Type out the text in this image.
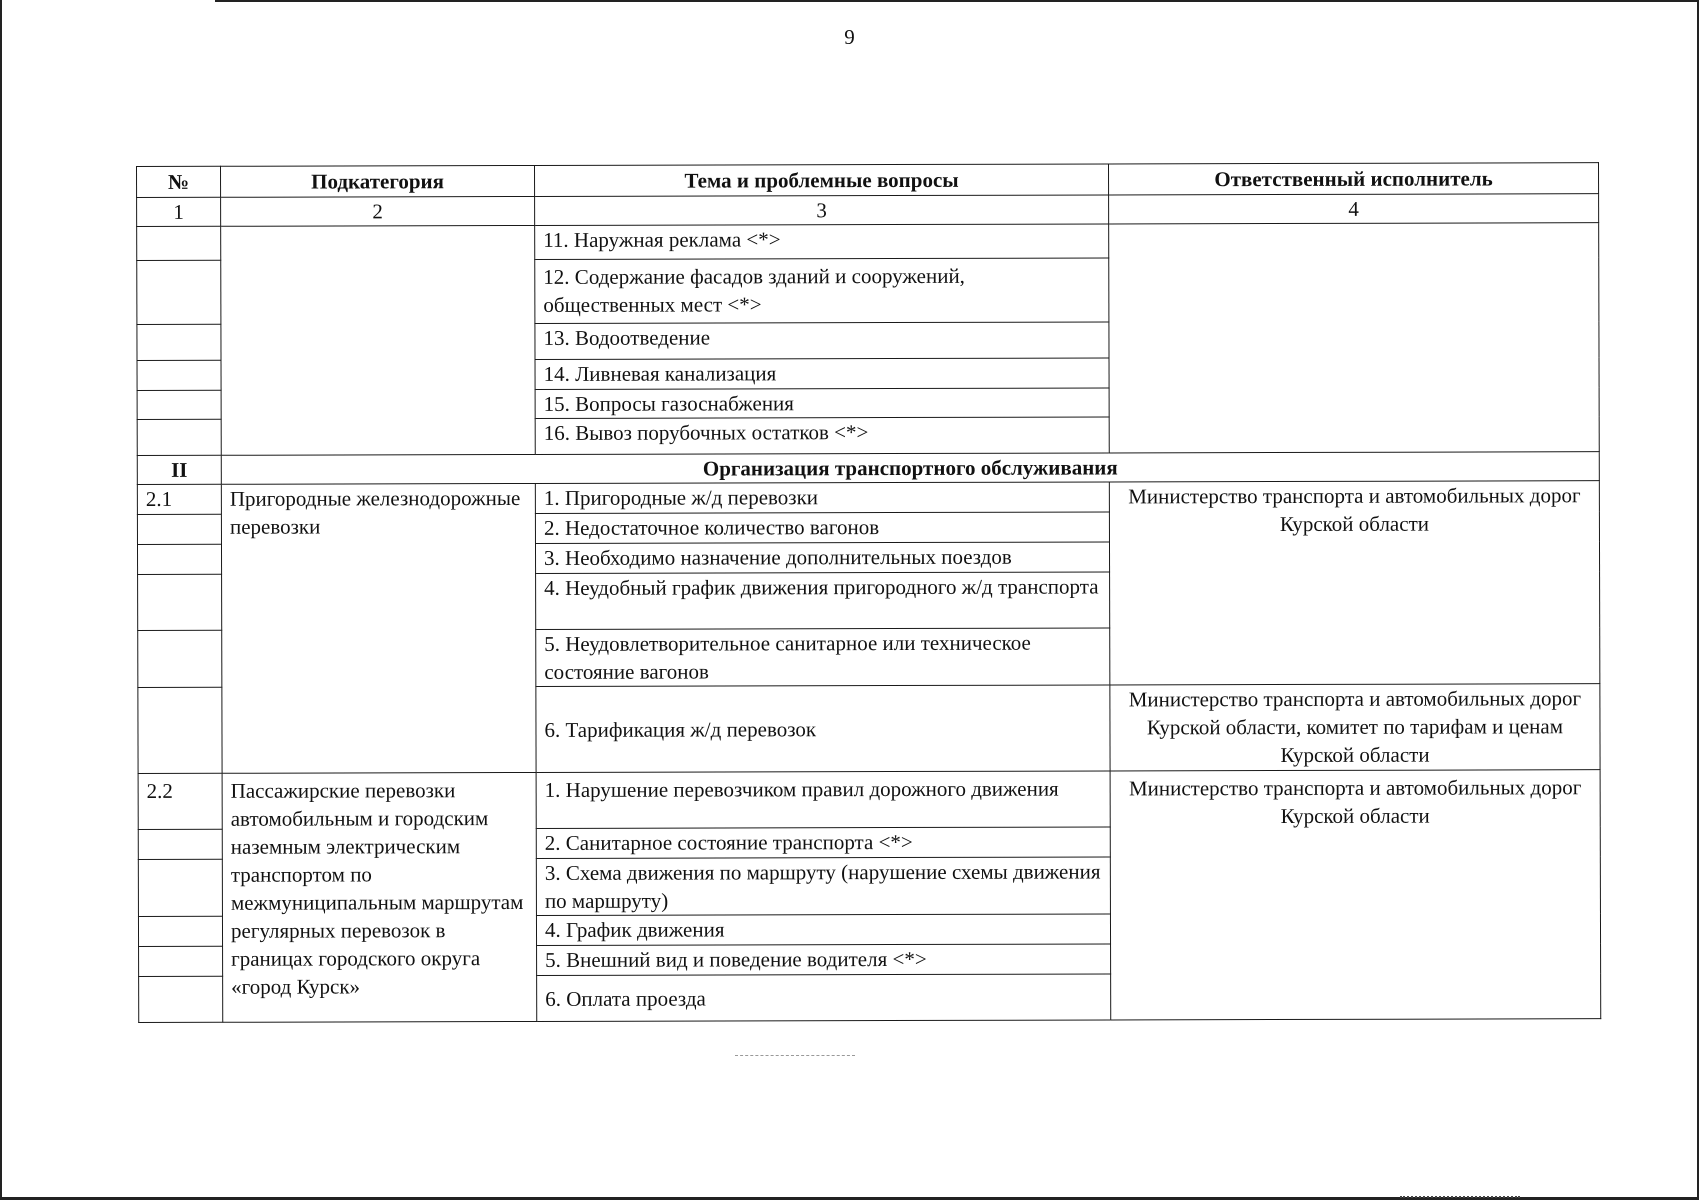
9
№	Подкатегория	Тема и проблемные вопросы	Ответственный исполнитель
1	2	3	4
		11. Наружная реклама <*>	
		12. Содержание фасадов зданий и сооружений, общественных мест <*>	
		13. Водоотведение	
		14. Ливневая канализация	
		15. Вопросы газоснабжения	
		16. Вывоз порубочных остатков <*>	
II	Организация транспортного обслуживания		
2.1	Пригородные железнодорожные перевозки	1. Пригородные ж/д перевозки	Министерство транспорта и автомобильных дорог Курской области
		2. Недостаточное количество вагонов	
		3. Необходимо назначение дополнительных поездов	
		4. Неудобный график движения пригородного ж/д транспорта	
		5. Неудовлетворительное санитарное или техническое состояние вагонов	
		6. Тарификация ж/д перевозок	Министерство транспорта и автомобильных дорог Курской области, комитет по тарифам и ценам Курской области
2.2	Пассажирские перевозки автомобильным и городским наземным электрическим транспортом по межмуниципальным маршрутам регулярных перевозок в границах городского округа «город Курск»	1. Нарушение перевозчиком правил дорожного движения	Министерство транспорта и автомобильных дорог Курской области
		2. Санитарное состояние транспорта <*>	
		3. Схема движения по маршруту (нарушение схемы движения по маршруту)	
		4. График движения	
		5. Внешний вид и поведение водителя <*>	
		6. Оплата проезда	
